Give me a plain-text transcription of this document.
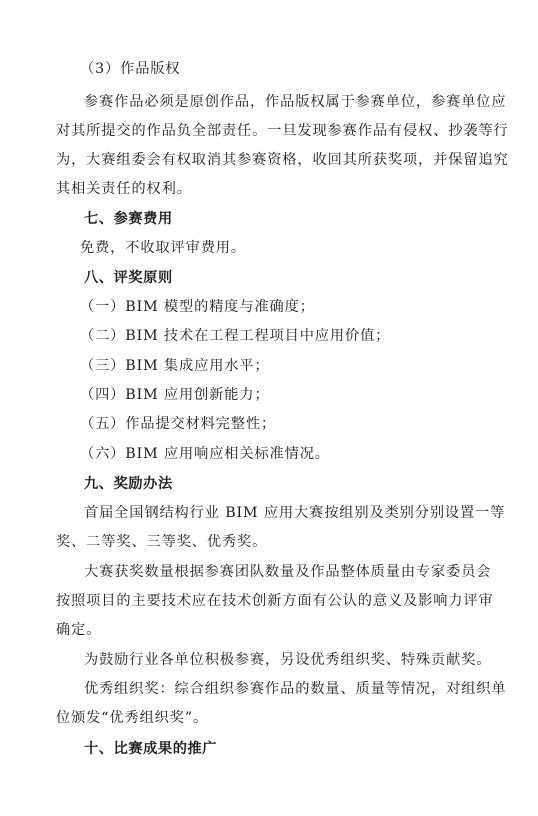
（3）作品版权
参赛作品必须是原创作品，作品版权属于参赛单位，参赛单位应
对其所提交的作品负全部责任。一旦发现参赛作品有侵权、抄袭等行
为，大赛组委会有权取消其参赛资格，收回其所获奖项，并保留追究
其相关责任的权利。
七、参赛费用
免费，不收取评审费用。
八、评奖原则
（一）BIM 模型的精度与准确度；
（二）BIM 技术在工程工程项目中应用价值；
（三）BIM 集成应用水平；
（四）BIM 应用创新能力；
（五）作品提交材料完整性；
（六）BIM 应用响应相关标准情况。
九、奖励办法
首届全国钢结构行业 BIM 应用大赛按组别及类别分别设置一等
奖、二等奖、三等奖、优秀奖。
大赛获奖数量根据参赛团队数量及作品整体质量由专家委员会
按照项目的主要技术应在技术创新方面有公认的意义及影响力评审
确定。
为鼓励行业各单位积极参赛，另设优秀组织奖、特殊贡献奖。
优秀组织奖：综合组织参赛作品的数量、质量等情况，对组织单
位颁发“优秀组织奖”。
十、比赛成果的推广
